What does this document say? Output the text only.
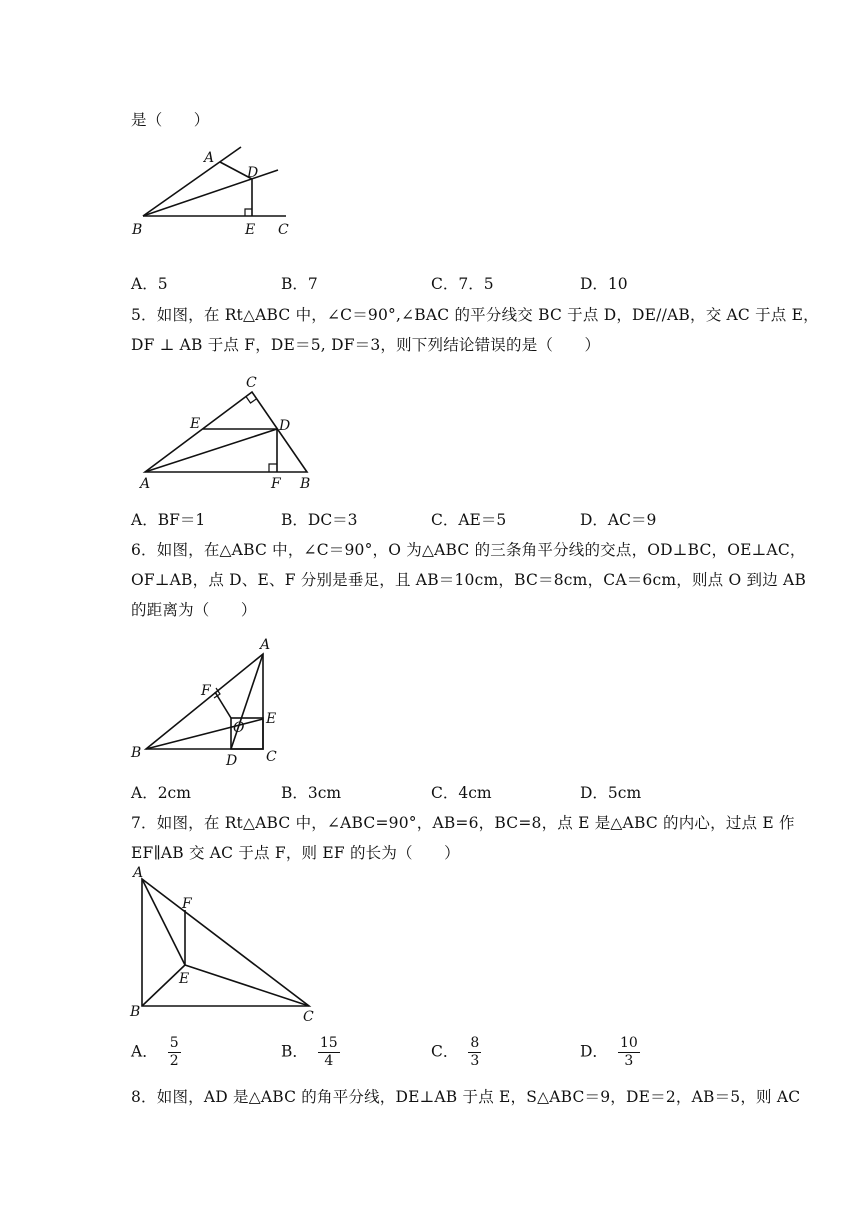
是（　　）
A
D
B	E C
A．5	B．7	C．7．5	D．10
5．如图，在 Rt△ABC 中，∠C＝90°,∠BAC 的平分线交 BC 于点 D，DE//AB，交 AC 于点 E，
DF ⊥ AB 于点 F，DE＝5, DF＝3，则下列结论错误的是（　　）
C
E	D
A	F B
A．BF＝1	B．DC＝3	C．AE＝5	D．AC＝9
6．如图，在△ABC 中，∠C＝90°，O 为△ABC 的三条角平分线的交点，OD⊥BC，OE⊥AC，
OF⊥AB，点 D、E、F 分别是垂足，且 AB＝10cm，BC＝8cm，CA＝6cm，则点 O 到边 AB
的距离为（　　）
A
F
E
O
B	D C
A．2cm	B．3cm	C．4cm	D．5cm
7．如图，在 Rt△ABC 中，∠ABC=90°，AB=6，BC=8，点 E 是△ABC 的内心，过点 E 作
EF∥AB 交 AC 于点 F，则 EF 的长为（　　）
A
F
E
B	C
A． $\frac{5}{2}$	B． $\frac{15}{4}$	C． $\frac{8}{3}$	D． $\frac{10}{3}$
8．如图，AD 是△ABC 的角平分线，DE⊥AB 于点 E，S△ABC＝9，DE＝2，AB＝5，则 AC
